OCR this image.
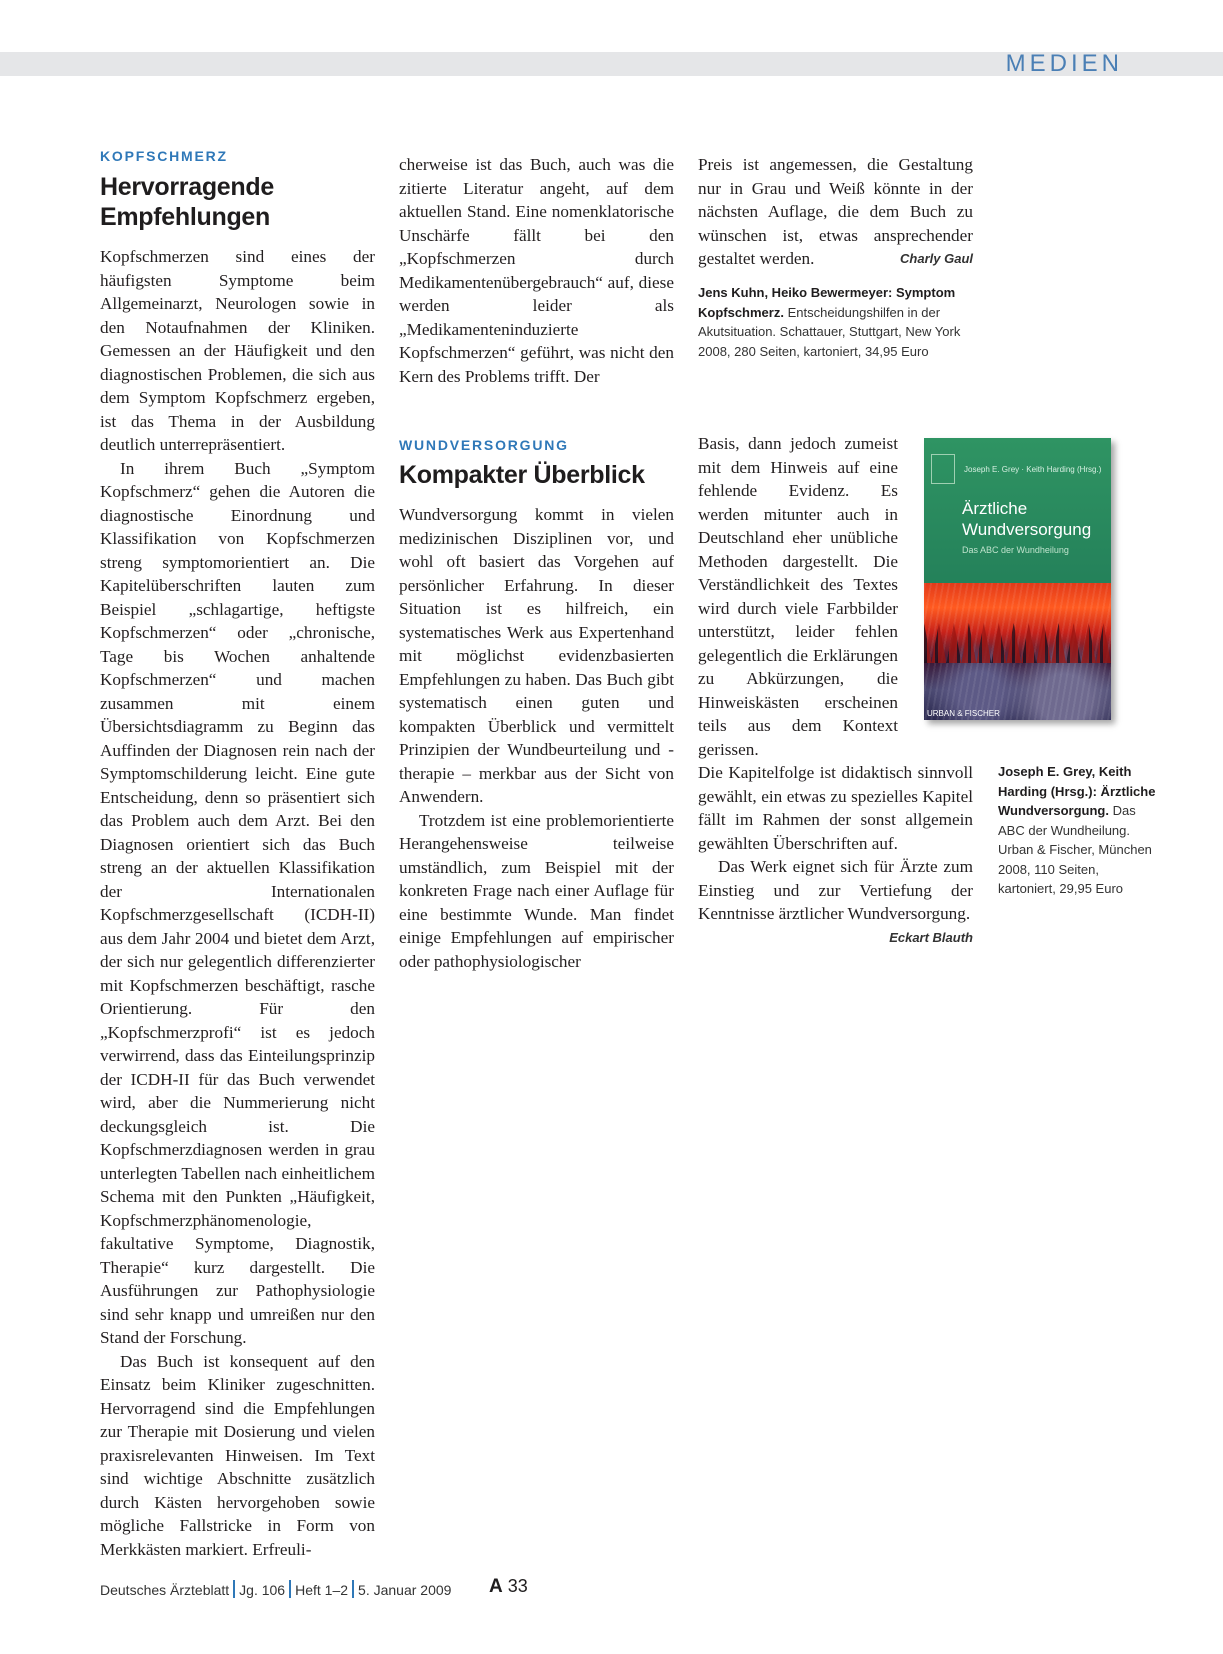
MEDIEN
KOPFSCHMERZ
Hervorragende Empfehlungen

Kopfschmerzen sind eines der häufigsten Symptome beim Allgemeinarzt, Neurologen sowie in den Notaufnahmen der Kliniken. Gemessen an der Häufigkeit und den diagnostischen Problemen, die sich aus dem Symptom Kopfschmerz ergeben, ist das Thema in der Ausbildung deutlich unterrepräsentiert.

In ihrem Buch „Symptom Kopfschmerz“ gehen die Autoren die diagnostische Einordnung und Klassifikation von Kopfschmerzen streng symptomorientiert an. Die Kapitelüberschriften lauten zum Beispiel „schlagartige, heftigste Kopfschmerzen“ oder „chronische, Tage bis Wochen anhaltende Kopfschmerzen“ und machen zusammen mit einem Übersichtsdiagramm zu Beginn das Auffinden der Diagnosen rein nach der Symptomschilderung leicht. Eine gute Entscheidung, denn so präsentiert sich das Problem auch dem Arzt. Bei den Diagnosen orientiert sich das Buch streng an der aktuellen Klassifikation der Internationalen Kopfschmerzgesellschaft (ICDH-II) aus dem Jahr 2004 und bietet dem Arzt, der sich nur gelegentlich differenzierter mit Kopfschmerzen beschäftigt, rasche Orientierung. Für den „Kopfschmerzprofi“ ist es jedoch verwirrend, dass das Einteilungsprinzip der ICDH-II für das Buch verwendet wird, aber die Nummerierung nicht deckungsgleich ist. Die Kopfschmerzdiagnosen werden in grau unterlegten Tabellen nach einheitlichem Schema mit den Punkten „Häufigkeit, Kopfschmerzphänomenologie, fakultative Symptome, Diagnostik, Therapie“ kurz dargestellt. Die Ausführungen zur Pathophysiologie sind sehr knapp und umreißen nur den Stand der Forschung.

Das Buch ist konsequent auf den Einsatz beim Kliniker zugeschnitten. Hervorragend sind die Empfehlungen zur Therapie mit Dosierung und vielen praxisrelevanten Hinweisen. Im Text sind wichtige Abschnitte zusätzlich durch Kästen hervorgehoben sowie mögliche Fallstricke in Form von Merkkästen markiert. Erfreuli-

cherweise ist das Buch, auch was die zitierte Literatur angeht, auf dem aktuellen Stand. Eine nomenklatorische Unschärfe fällt bei den „Kopfschmerzen durch Medikamentenübergebrauch“ auf, diese werden leider als „Medikamenteninduzierte Kopfschmerzen“ geführt, was nicht den Kern des Problems trifft. Der

Preis ist angemessen, die Gestaltung nur in Grau und Weiß könnte in der nächsten Auflage, die dem Buch zu wünschen ist, etwas ansprechender gestaltet werden.	Charly Gaul

Jens Kuhn, Heiko Bewermeyer: Symptom Kopfschmerz. Entscheidungshilfen in der Akutsituation. Schattauer, Stuttgart, New York 2008, 280 Seiten, kartoniert, 34,95 Euro
WUNDVERSORGUNG
Kompakter Überblick

Wundversorgung kommt in vielen medizinischen Disziplinen vor, und wohl oft basiert das Vorgehen auf persönlicher Erfahrung. In dieser Situation ist es hilfreich, ein systematisches Werk aus Expertenhand mit möglichst evidenzbasierten Empfehlungen zu haben. Das Buch gibt systematisch einen guten und kompakten Überblick und vermittelt Prinzipien der Wundbeurteilung und -therapie – merkbar aus der Sicht von Anwendern.

Trotzdem ist eine problemorientierte Herangehensweise teilweise umständlich, zum Beispiel mit der konkreten Frage nach einer Auflage für eine bestimmte Wunde. Man findet einige Empfehlungen auf empirischer oder pathophysiologischer

Basis, dann jedoch zumeist mit dem Hinweis auf eine fehlende Evidenz. Es werden mitunter auch in Deutschland eher unübliche Methoden dargestellt. Die Verständlichkeit des Textes wird durch viele Farbbilder unterstützt, leider fehlen gelegentlich die Erklärungen zu Abkürzungen, die Hinweiskästen erscheinen teils aus dem Kontext gerissen.

Die Kapitelfolge ist didaktisch sinnvoll gewählt, ein etwas zu spezielles Kapitel fällt im Rahmen der sonst allgemein gewählten Überschriften auf.

Das Werk eignet sich für Ärzte zum Einstieg und zur Vertiefung der Kenntnisse ärztlicher Wundversorgung.

Eckart Blauth
Joseph E. Grey · Keith Harding (Hrsg.)
Ärztliche
Wundversorgung
Das ABC der Wundheilung
URBAN & FISCHER
Joseph E. Grey, Keith Harding (Hrsg.): Ärztliche Wundversorgung. Das ABC der Wundheilung. Urban & Fischer, München 2008, 110 Seiten, kartoniert, 29,95 Euro
Deutsches Ärzteblatt Jg. 106 Heft 1–2 5. Januar 2009 A 33
